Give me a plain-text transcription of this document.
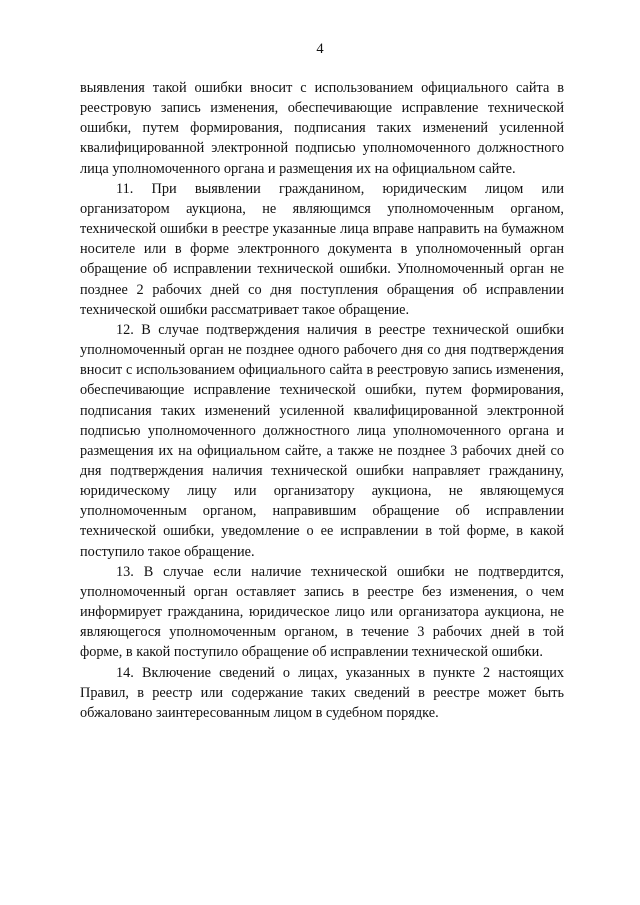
4

выявления такой ошибки вносит с использованием официального сайта в реестровую запись изменения, обеспечивающие исправление технической ошибки, путем формирования, подписания таких изменений усиленной квалифицированной электронной подписью уполномоченного должностного лица уполномоченного органа и размещения их на официальном сайте.

11. При выявлении гражданином, юридическим лицом или организатором аукциона, не являющимся уполномоченным органом, технической ошибки в реестре указанные лица вправе направить на бумажном носителе или в форме электронного документа в уполномоченный орган обращение об исправлении технической ошибки. Уполномоченный орган не позднее 2 рабочих дней со дня поступления обращения об исправлении технической ошибки рассматривает такое обращение.

12. В случае подтверждения наличия в реестре технической ошибки уполномоченный орган не позднее одного рабочего дня со дня подтверждения вносит с использованием официального сайта в реестровую запись изменения, обеспечивающие исправление технической ошибки, путем формирования, подписания таких изменений усиленной квалифицированной электронной подписью уполномоченного должностного лица уполномоченного органа и размещения их на официальном сайте, а также не позднее 3 рабочих дней со дня подтверждения наличия технической ошибки направляет гражданину, юридическому лицу или организатору аукциона, не являющемуся уполномоченным органом, направившим обращение об исправлении технической ошибки, уведомление о ее исправлении в той форме, в какой поступило такое обращение.

13. В случае если наличие технической ошибки не подтвердится, уполномоченный орган оставляет запись в реестре без изменения, о чем информирует гражданина, юридическое лицо или организатора аукциона, не являющегося уполномоченным органом, в течение 3 рабочих дней в той форме, в какой поступило обращение об исправлении технической ошибки.

14. Включение сведений о лицах, указанных в пункте 2 настоящих Правил, в реестр или содержание таких сведений в реестре может быть обжаловано заинтересованным лицом в судебном порядке.
